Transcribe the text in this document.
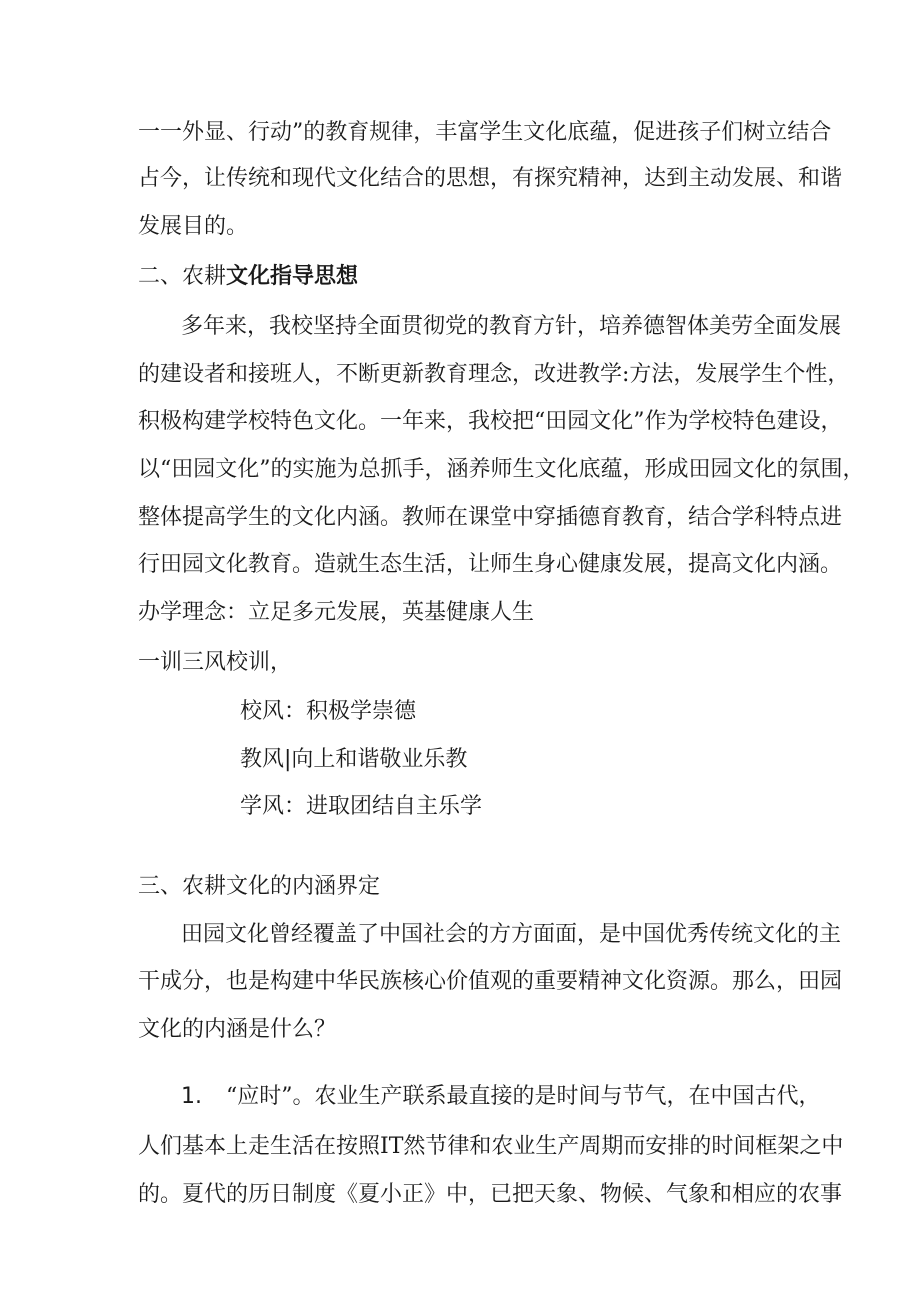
一一外显、行动”的教育规律，丰富学生文化底蕴，促进孩子们树立结合
占今，让传统和现代文化结合的思想，有探究精神，达到主动发展、和谐
发展目的。
二、农耕文化指导思想
多年来，我校坚持全面贯彻党的教育方针，培养德智体美劳全面发展
的建设者和接班人，不断更新教育理念，改进教学:方法，发展学生个性，
积极构建学校特色文化。一年来，我校把“田园文化”作为学校特色建设，
以“田园文化”的实施为总抓手，涵养师生文化底蕴，形成田园文化的氛围，
整体提高学生的文化内涵。教师在课堂中穿插德育教育，结合学科特点进
行田园文化教育。造就生态生活，让师生身心健康发展，提高文化内涵。
办学理念：立足多元发展，英基健康人生
一训三风校训，
校风：积极学崇德
教风|向上和谐敬业乐教
学风：进取团结自主乐学
三、农耕文化的内涵界定
田园文化曾经覆盖了中国社会的方方面面，是中国优秀传统文化的主
干成分，也是构建中华民族核心价值观的重要精神文化资源。那么，田园
文化的内涵是什么？
1.	“应时”。农业生产联系最直接的是时间与节气，在中国古代，
人们基本上走生活在按照IT然节律和农业生产周期而安排的时间框架之中
的。夏代的历日制度《夏小正》中，已把天象、物候、气象和相应的农事
